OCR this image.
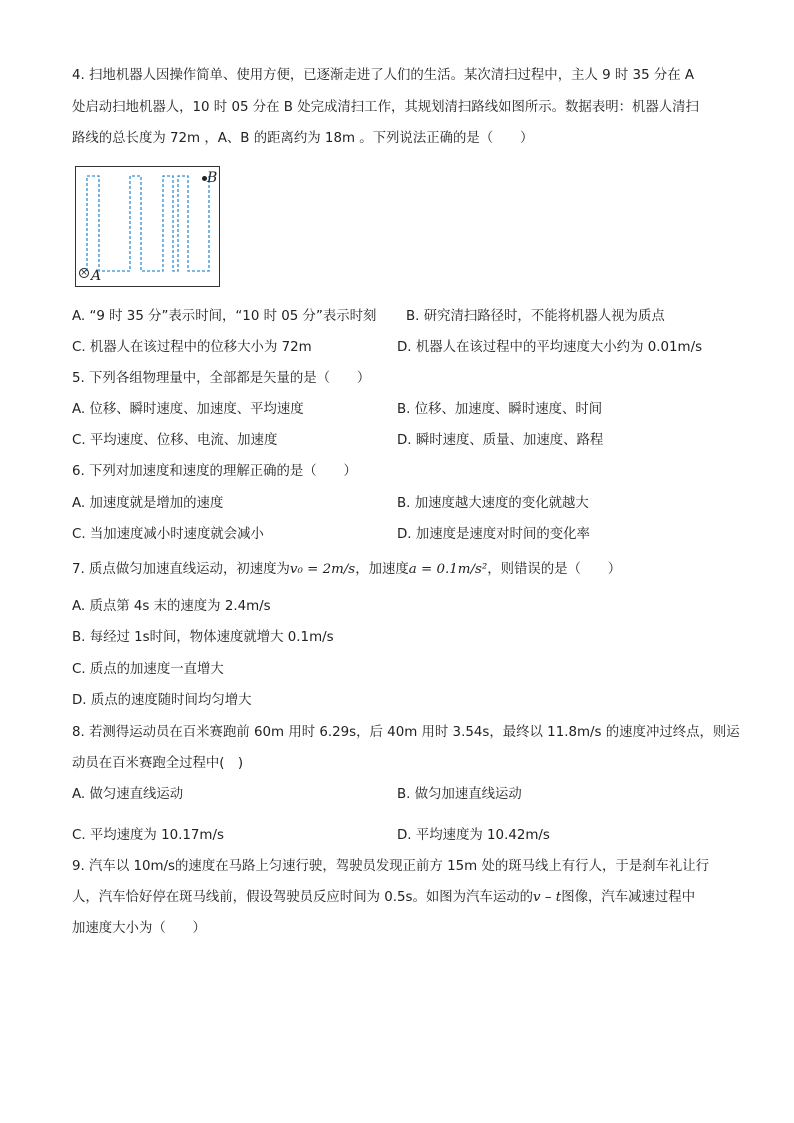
4. 扫地机器人因操作简单、使用方便，已逐渐走进了人们的生活。某次清扫过程中，主人 9 时 35 分在 A
处启动扫地机器人，10 时 05 分在 B 处完成清扫工作，其规划清扫路线如图所示。数据表明：机器人清扫
路线的总长度为 72m ，A、B 的距离约为 18m 。下列说法正确的是（　　）
× A
B
A. “9 时 35 分”表示时间，“10 时 05 分”表示时刻 B. 研究清扫路径时，不能将机器人视为质点
C. 机器人在该过程中的位移大小为 72m	D. 机器人在该过程中的平均速度大小约为 0.01m/s
5. 下列各组物理量中，全部都是矢量的是（　　）
A. 位移、瞬时速度、加速度、平均速度	B. 位移、加速度、瞬时速度、时间
C. 平均速度、位移、电流、加速度	D. 瞬时速度、质量、加速度、路程
6. 下列对加速度和速度的理解正确的是（　　）
A. 加速度就是增加的速度	B. 加速度越大速度的变化就越大
C. 当加速度减小时速度就会减小	D. 加速度是速度对时间的变化率
7. 质点做匀加速直线运动，初速度为v₀ = 2m/s，加速度a = 0.1m/s²，则错误的是（　　）
A. 质点第 4s 末的速度为 2.4m/s
B. 每经过 1s时间，物体速度就增大 0.1m/s
C. 质点的加速度一直增大
D. 质点的速度随时间均匀增大
8. 若测得运动员在百米赛跑前 60m 用时 6.29s，后 40m 用时 3.54s，最终以 11.8m/s 的速度冲过终点，则运
动员在百米赛跑全过程中(　)
A. 做匀速直线运动	B. 做匀加速直线运动
C. 平均速度为 10.17m/s	D. 平均速度为 10.42m/s
9. 汽车以 10m/s的速度在马路上匀速行驶，驾驶员发现正前方 15m 处的斑马线上有行人，于是刹车礼让行
人，汽车恰好停在斑马线前，假设驾驶员反应时间为 0.5s。如图为汽车运动的v – t图像，汽车减速过程中
加速度大小为（　　）
